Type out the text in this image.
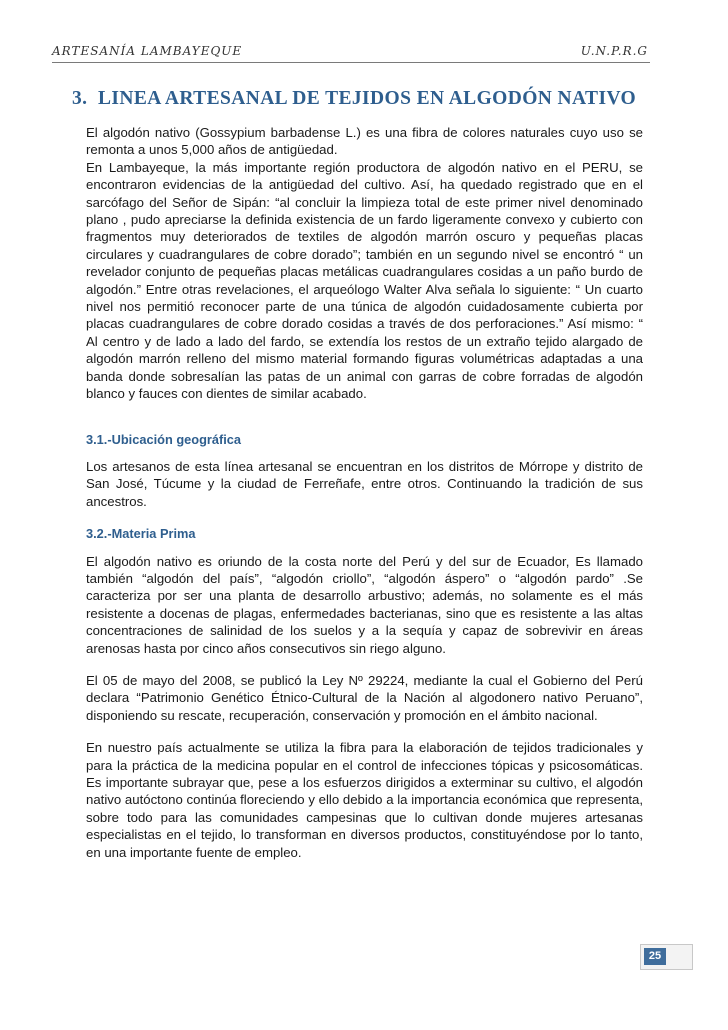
ARTESANÍA LAMBAYEQUE	U.N.P.R.G
3. LINEA ARTESANAL DE TEJIDOS EN ALGODÓN NATIVO

El algodón nativo (Gossypium barbadense L.) es una fibra de colores naturales cuyo uso se remonta a unos 5,000 años de antigüedad.

En Lambayeque, la más importante región productora de algodón nativo en el PERU, se encontraron evidencias de la antigüedad del cultivo. Así, ha quedado registrado que en el sarcófago del Señor de Sipán: “al concluir la limpieza total de este primer nivel denominado plano , pudo apreciarse la definida existencia de un fardo ligeramente convexo y cubierto con fragmentos muy deteriorados de textiles de algodón marrón oscuro y pequeñas placas circulares y cuadrangulares de cobre dorado”; también en un segundo nivel se encontró “ un revelador conjunto de pequeñas placas metálicas cuadrangulares cosidas a un paño burdo de algodón.” Entre otras revelaciones, el arqueólogo Walter Alva señala lo siguiente: “ Un cuarto nivel nos permitió reconocer parte de una túnica de algodón cuidadosamente cubierta por placas cuadrangulares de cobre dorado cosidas a través de dos perforaciones.” Así mismo: “ Al centro y de lado a lado del fardo, se extendía los restos de un extraño tejido alargado de algodón marrón relleno del mismo material formando figuras volumétricas adaptadas a una banda donde sobresalían las patas de un animal con garras de cobre forradas de algodón blanco y fauces con dientes de similar acabado.

3.1.-Ubicación geográfica

Los artesanos de esta línea artesanal se encuentran en los distritos de Mórrope y distrito de San José, Túcume y la ciudad de Ferreñafe, entre otros. Continuando la tradición de sus ancestros.

3.2.-Materia Prima

El algodón nativo es oriundo de la costa norte del Perú y del sur de Ecuador, Es llamado también “algodón del país”, “algodón criollo”, “algodón áspero” o “algodón pardo” .Se caracteriza por ser una planta de desarrollo arbustivo; además, no solamente es el más resistente a docenas de plagas, enfermedades bacterianas, sino que es resistente a las altas concentraciones de salinidad de los suelos y a la sequía y capaz de sobrevivir en áreas arenosas hasta por cinco años consecutivos sin riego alguno.

El 05 de mayo del 2008, se publicó la Ley Nº 29224, mediante la cual el Gobierno del Perú declara “Patrimonio Genético Étnico-Cultural de la Nación al algodonero nativo Peruano”, disponiendo su rescate, recuperación, conservación y promoción en el ámbito nacional.

En nuestro país actualmente se utiliza la fibra para la elaboración de tejidos tradicionales y para la práctica de la medicina popular en el control de infecciones tópicas y psicosomáticas. Es importante subrayar que, pese a los esfuerzos dirigidos a exterminar su cultivo, el algodón nativo autóctono continúa floreciendo y ello debido a la importancia económica que representa, sobre todo para las comunidades campesinas que lo cultivan donde mujeres artesanas especialistas en el tejido, lo transforman en diversos productos, constituyéndose por lo tanto, en una importante fuente de empleo.

25
